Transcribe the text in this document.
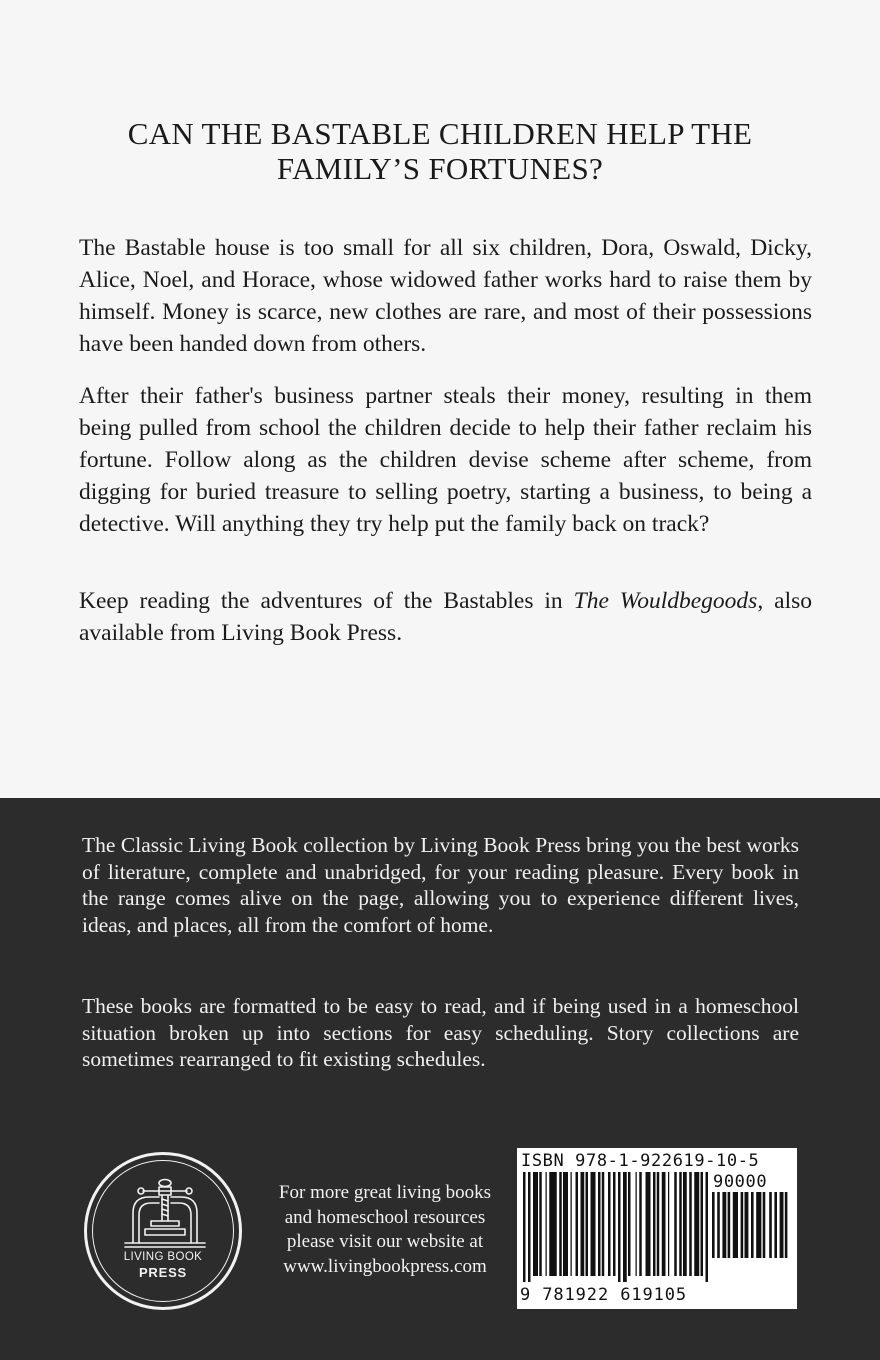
CAN THE BASTABLE CHILDREN HELP THE
FAMILY’S FORTUNES?
The Bastable house is too small for all six children, Dora, Oswald, Dicky, Alice, Noel, and Horace, whose widowed father works hard to raise them by himself. Money is scarce, new clothes are rare, and most of their possessions have been handed down from others.
After their father's business partner steals their money, resulting in them being pulled from school the children decide to help their father reclaim his fortune. Follow along as the children devise scheme after scheme, from digging for buried treasure to selling poetry, starting a business, to being a detective. Will anything they try help put the family back on track?
Keep reading the adventures of the Bastables in The Wouldbegoods, also available from Living Book Press.
The Classic Living Book collection by Living Book Press bring you the best works of literature, complete and unabridged, for your reading pleasure. Every book in the range comes alive on the page, allowing you to experience different lives, ideas, and places, all from the comfort of home.
These books are formatted to be easy to read, and if being used in a homeschool situation broken up into sections for easy scheduling. Story collections are sometimes rearranged to fit existing schedules.
LIVING BOOK
PRESS
For more great living books
and homeschool resources
please visit our website at
www.livingbookpress.com
ISBN 978-1-922619-10-5
90000
9 781922 619105
